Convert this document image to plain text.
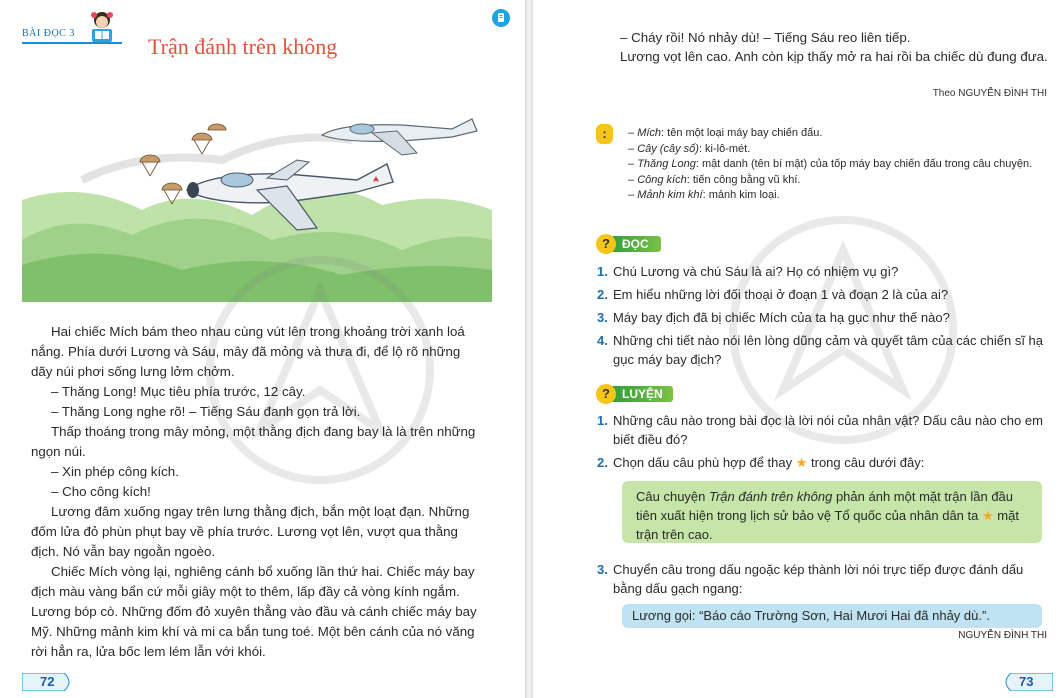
BÀI ĐỌC 3
Trận đánh trên không

Hai chiếc Mích bám theo nhau cùng vút lên trong khoảng trời xanh loá nắng. Phía dưới Lương và Sáu, mây đã mỏng và thưa đi, để lộ rõ những dãy núi phơi sống lưng lởm chởm.

– Thăng Long! Mục tiêu phía trước, 12 cây.

– Thăng Long nghe rõ! – Tiếng Sáu đanh gọn trả lời.

Thấp thoáng trong mây mỏng, một thằng địch đang bay là là trên những ngọn núi.

– Xin phép công kích.

– Cho công kích!

Lương đâm xuống ngay trên lưng thằng địch, bắn một loạt đạn. Những đốm lửa đỏ phùn phụt bay về phía trước. Lương vọt lên, vượt qua thằng địch. Nó vẫn bay ngoằn ngoèo.

Chiếc Mích vòng lại, nghiêng cánh bổ xuống lần thứ hai. Chiếc máy bay địch màu vàng bẩn cứ mỗi giây một to thêm, lấp đầy cả vòng kính ngắm. Lương bóp cò. Những đốm đỏ xuyên thẳng vào đầu và cánh chiếc máy bay Mỹ. Những mảnh kim khí và mi ca bắn tung toé. Một bên cánh của nó văng rời hẳn ra, lửa bốc lem lém lẫn với khói.

72

– Cháy rồi! Nó nhảy dù! – Tiếng Sáu reo liên tiếp.

Lương vọt lên cao. Anh còn kịp thấy mở ra hai rồi ba chiếc dù đung đưa.

Theo NGUYỄN ĐÌNH THI
:	– Mích: tên một loại máy bay chiến đấu.

– Cây (cây số): ki-lô-mét.

– Thăng Long: mật danh (tên bí mật) của tốp máy bay chiến đấu trong câu chuyện.

– Công kích: tiến công bằng vũ khí.

– Mảnh kim khí: mảnh kim loại.

ĐỌC HIỂU
?
1. Chú Lương và chú Sáu là ai? Họ có nhiệm vụ gì?
2. Em hiểu những lời đối thoại ở đoạn 1 và đoạn 2 là của ai?
3. Máy bay địch đã bị chiếc Mích của ta hạ gục như thế nào?
4. Những chi tiết nào nói lên lòng dũng cảm và quyết tâm của các chiến sĩ hạ gục máy bay địch?
LUYỆN TẬP
?
1. Những câu nào trong bài đọc là lời nói của nhân vật? Dấu câu nào cho em biết điều đó?
2. Chọn dấu câu phù hợp để thay ★ trong câu dưới đây:
Câu chuyện Trận đánh trên không phản ánh một mặt trận lần đầu tiên xuất hiện trong lịch sử bảo vệ Tổ quốc của nhân dân ta ★ mặt trận trên cao.
3. Chuyển câu trong dấu ngoặc kép thành lời nói trực tiếp được đánh dấu bằng dấu gạch ngang:
Lương gọi: “Báo cáo Trường Sơn, Hai Mươi Hai đã nhảy dù.”.
NGUYỄN ĐÌNH THI
73
